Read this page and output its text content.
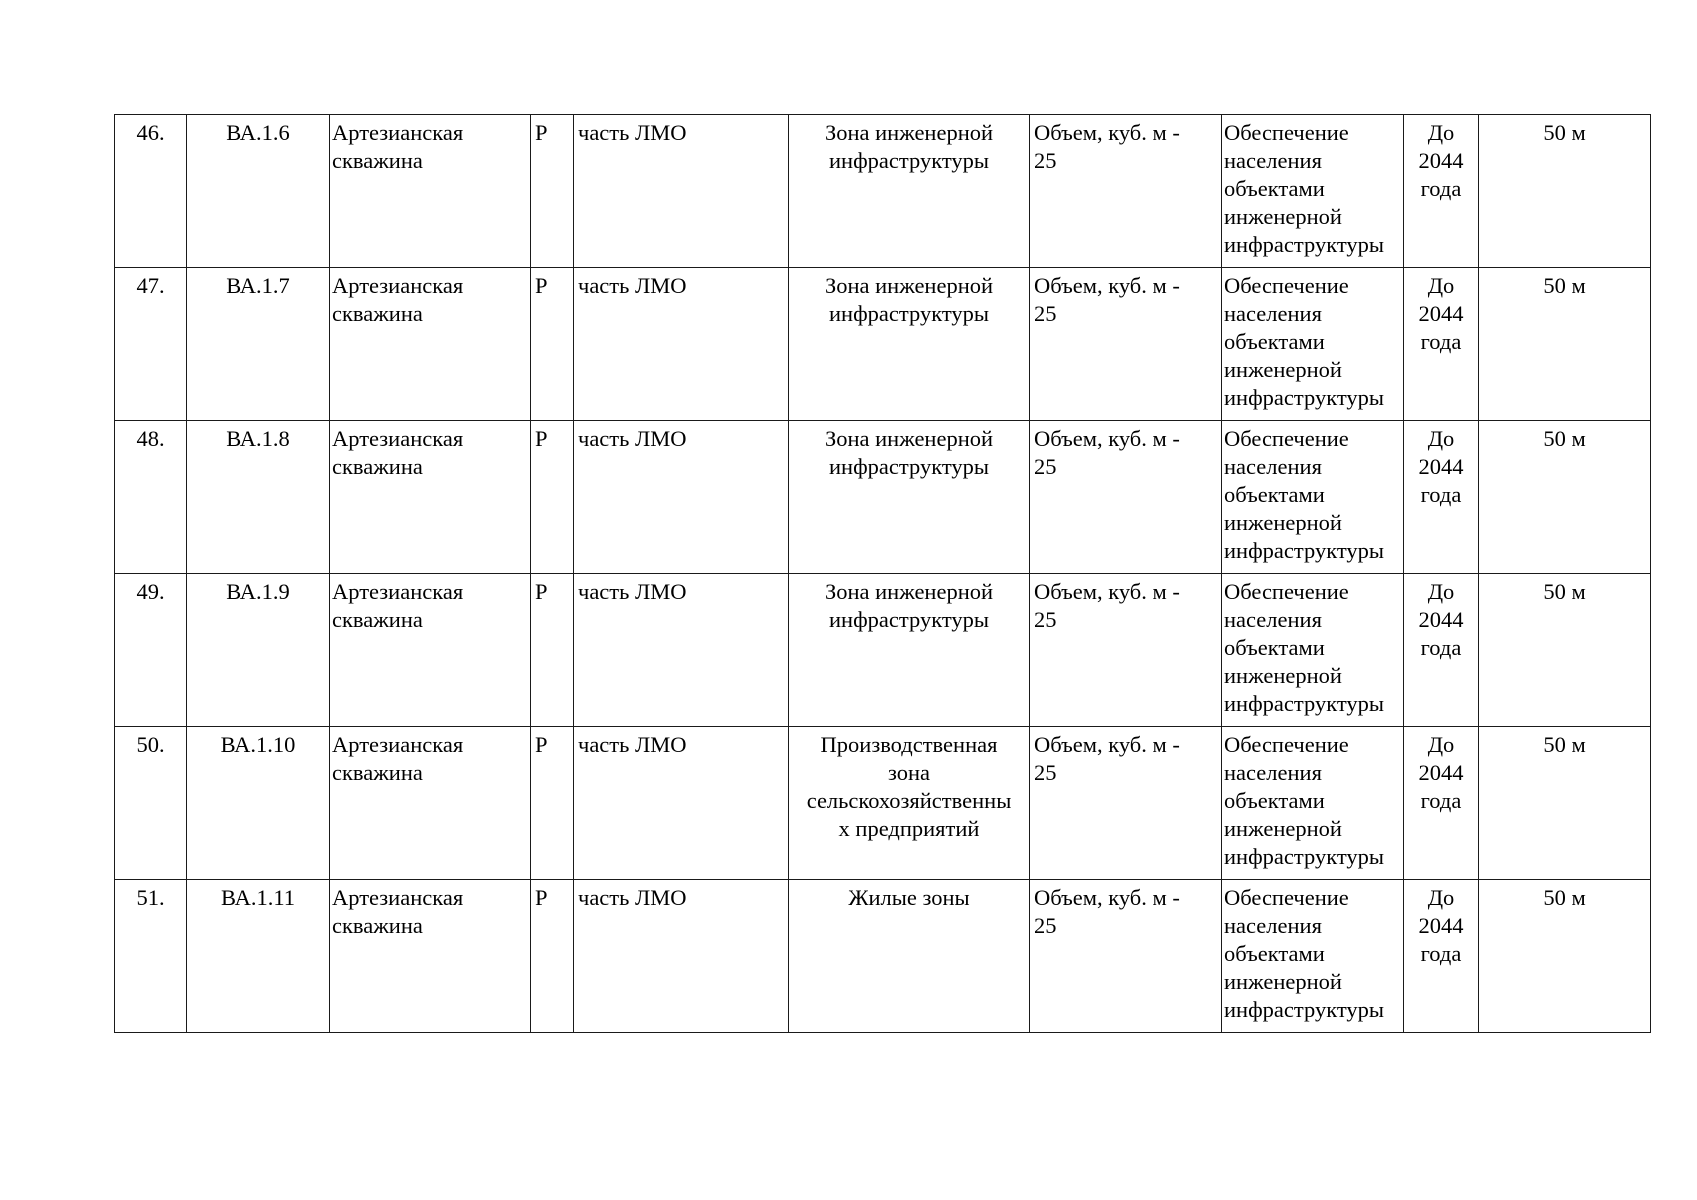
46.	ВА.1.6	Артезианская
скважина	Р	часть ЛМО	Зона инженерной
инфраструктуры	Объем, куб. м -
25	Обеспечение
населения
объектами
инженерной
инфраструктуры	До
2044
года	50 м
47.	ВА.1.7	Артезианская
скважина	Р	часть ЛМО	Зона инженерной
инфраструктуры	Объем, куб. м -
25	Обеспечение
населения
объектами
инженерной
инфраструктуры	До
2044
года	50 м
48.	ВА.1.8	Артезианская
скважина	Р	часть ЛМО	Зона инженерной
инфраструктуры	Объем, куб. м -
25	Обеспечение
населения
объектами
инженерной
инфраструктуры	До
2044
года	50 м
49.	ВА.1.9	Артезианская
скважина	Р	часть ЛМО	Зона инженерной
инфраструктуры	Объем, куб. м -
25	Обеспечение
населения
объектами
инженерной
инфраструктуры	До
2044
года	50 м
50.	ВА.1.10	Артезианская
скважина	Р	часть ЛМО	Производственная
зона
сельскохозяйственны
х предприятий	Объем, куб. м -
25	Обеспечение
населения
объектами
инженерной
инфраструктуры	До
2044
года	50 м
51.	ВА.1.11	Артезианская
скважина	Р	часть ЛМО	Жилые зоны	Объем, куб. м -
25	Обеспечение
населения
объектами
инженерной
инфраструктуры	До
2044
года	50 м
